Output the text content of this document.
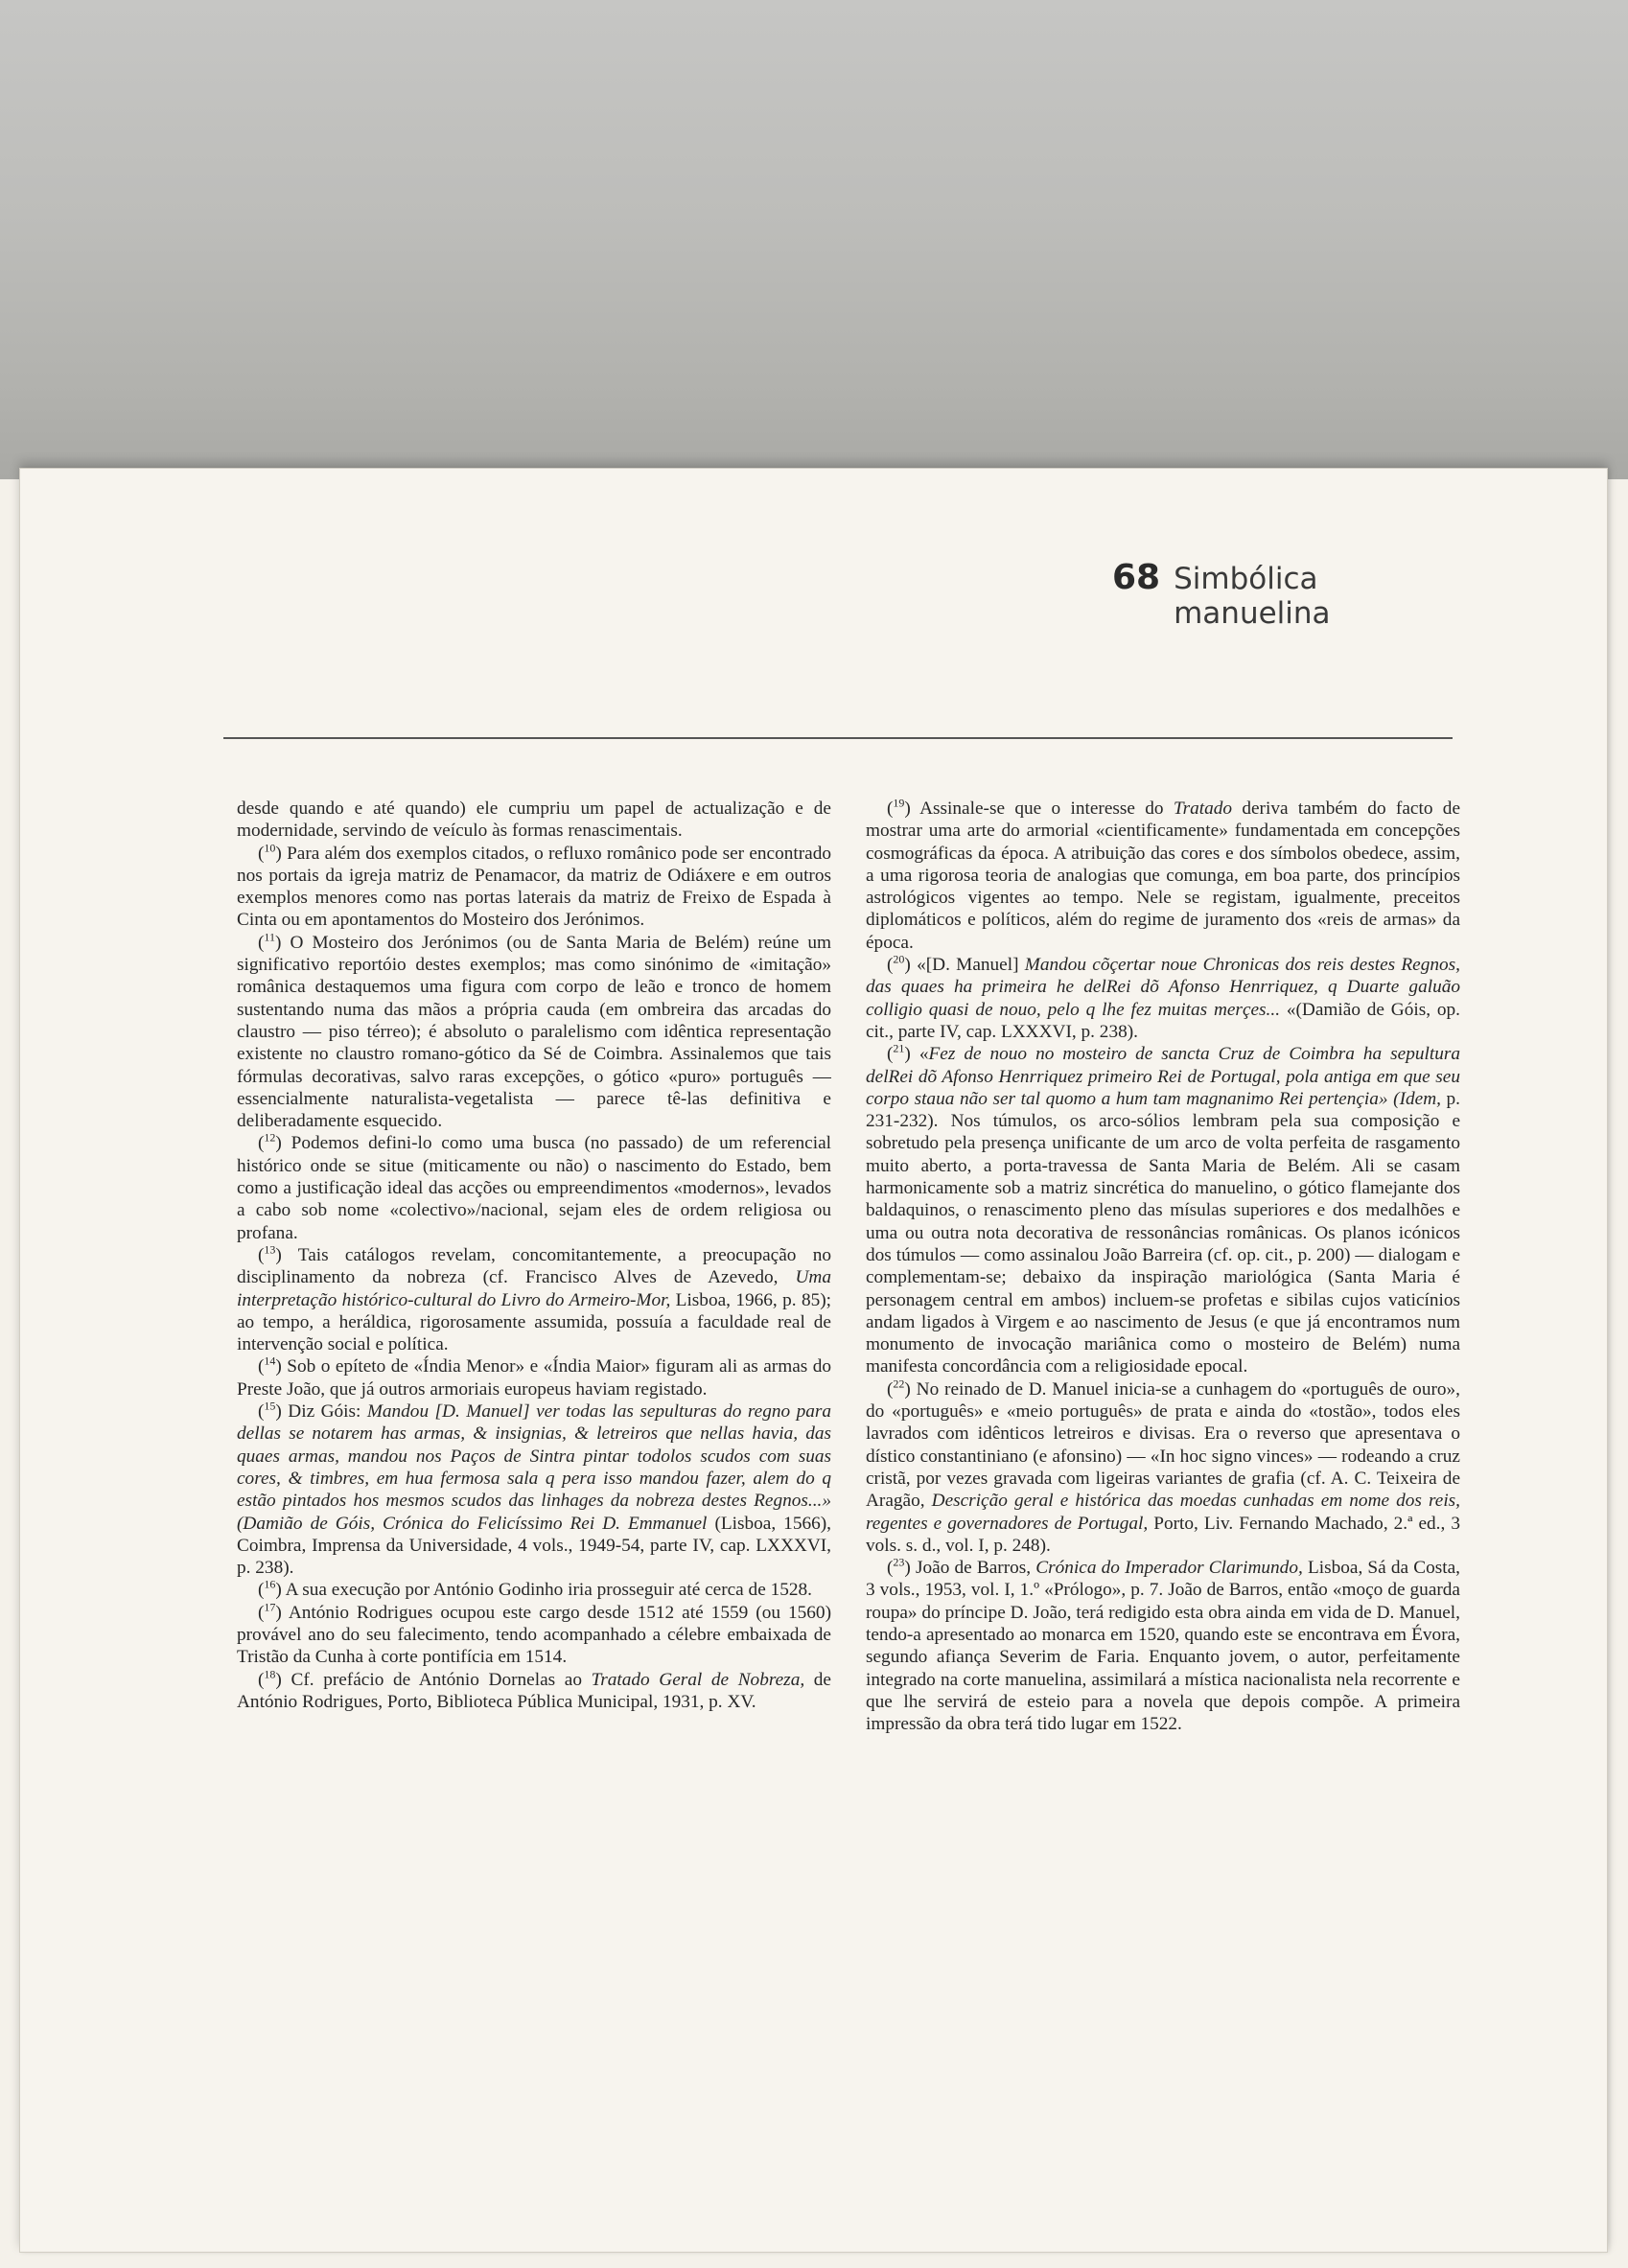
68 Simbólica manuelina

desde quando e até quando) ele cumpriu um papel de actualização e de modernidade, servindo de veículo às formas renascimentais.

($^{10}$) Para além dos exemplos citados, o refluxo românico pode ser encontrado nos portais da igreja matriz de Penamacor, da matriz de Odiáxere e em outros exemplos menores como nas portas laterais da matriz de Freixo de Espada à Cinta ou em apontamentos do Mosteiro dos Jerónimos.

($^{11}$) O Mosteiro dos Jerónimos (ou de Santa Maria de Belém) reúne um significativo reportóio destes exemplos; mas como sinónimo de «imitação» românica destaquemos uma figura com corpo de leão e tronco de homem sustentando numa das mãos a própria cauda (em ombreira das arcadas do claustro — piso térreo); é absoluto o paralelismo com idêntica representação existente no claustro romano-gótico da Sé de Coimbra. Assinalemos que tais fórmulas decorativas, salvo raras excepções, o gótico «puro» português — essencialmente naturalista-vegetalista — parece tê-las definitiva e deliberadamente esquecido.

($^{12}$) Podemos defini-lo como uma busca (no passado) de um referencial histórico onde se situe (miticamente ou não) o nascimento do Estado, bem como a justificação ideal das acções ou empreendimentos «modernos», levados a cabo sob nome «colectivo»/nacional, sejam eles de ordem religiosa ou profana.

($^{13}$) Tais catálogos revelam, concomitantemente, a preocupação no disciplinamento da nobreza (cf. Francisco Alves de Azevedo, Uma interpretação histórico-cultural do Livro do Armeiro-Mor, Lisboa, 1966, p. 85); ao tempo, a heráldica, rigorosamente assumida, possuía a faculdade real de intervenção social e política.

($^{14}$) Sob o epíteto de «Índia Menor» e «Índia Maior» figuram ali as armas do Preste João, que já outros armoriais europeus haviam registado.

($^{15}$) Diz Góis: Mandou [D. Manuel] ver todas las sepulturas do regno para dellas se notarem has armas, & insignias, & letreiros que nellas havia, das quaes armas, mandou nos Paços de Sintra pintar todolos scudos com suas cores, & timbres, em hua fermosa sala q pera isso mandou fazer, alem do q estão pintados hos mesmos scudos das linhages da nobreza destes Regnos...» (Damião de Góis, Crónica do Felicíssimo Rei D. Emmanuel (Lisboa, 1566), Coimbra, Imprensa da Universidade, 4 vols., 1949-54, parte IV, cap. LXXXVI, p. 238).

($^{16}$) A sua execução por António Godinho iria prosseguir até cerca de 1528.

($^{17}$) António Rodrigues ocupou este cargo desde 1512 até 1559 (ou 1560) provável ano do seu falecimento, tendo acompanhado a célebre embaixada de Tristão da Cunha à corte pontifícia em 1514.

($^{18}$) Cf. prefácio de António Dornelas ao Tratado Geral de Nobreza, de António Rodrigues, Porto, Biblioteca Pública Municipal, 1931, p. XV.

($^{19}$) Assinale-se que o interesse do Tratado deriva também do facto de mostrar uma arte do armorial «cientificamente» fundamentada em concepções cosmográficas da época. A atribuição das cores e dos símbolos obedece, assim, a uma rigorosa teoria de analogias que comunga, em boa parte, dos princípios astrológicos vigentes ao tempo. Nele se registam, igualmente, preceitos diplomáticos e políticos, além do regime de juramento dos «reis de armas» da época.

($^{20}$) «[D. Manuel] Mandou cõçertar noue Chronicas dos reis destes Regnos, das quaes ha primeira he delRei dõ Afonso Henrriquez, q Duarte galuão colligio quasi de nouo, pelo q lhe fez muitas merçes... «(Damião de Góis, op. cit., parte IV, cap. LXXXVI, p. 238).

($^{21}$) «Fez de nouo no mosteiro de sancta Cruz de Coimbra ha sepultura delRei dõ Afonso Henrriquez primeiro Rei de Portugal, pola antiga em que seu corpo staua não ser tal quomo a hum tam magnanimo Rei pertençia» (Idem, p. 231-232). Nos túmulos, os arco-sólios lembram pela sua composição e sobretudo pela presença unificante de um arco de volta perfeita de rasgamento muito aberto, a porta-travessa de Santa Maria de Belém. Ali se casam harmonicamente sob a matriz sincrética do manuelino, o gótico flamejante dos baldaquinos, o renascimento pleno das mísulas superiores e dos medalhões e uma ou outra nota decorativa de ressonâncias românicas. Os planos icónicos dos túmulos — como assinalou João Barreira (cf. op. cit., p. 200) — dialogam e complementam-se; debaixo da inspiração mariológica (Santa Maria é personagem central em ambos) incluem-se profetas e sibilas cujos vaticínios andam ligados à Virgem e ao nascimento de Jesus (e que já encontramos num monumento de invocação mariânica como o mosteiro de Belém) numa manifesta concordância com a religiosidade epocal.

($^{22}$) No reinado de D. Manuel inicia-se a cunhagem do «português de ouro», do «português» e «meio português» de prata e ainda do «tostão», todos eles lavrados com idênticos letreiros e divisas. Era o reverso que apresentava o dístico constantiniano (e afonsino) — «In hoc signo vinces» — rodeando a cruz cristã, por vezes gravada com ligeiras variantes de grafia (cf. A. C. Teixeira de Aragão, Descrição geral e histórica das moedas cunhadas em nome dos reis, regentes e governadores de Portugal, Porto, Liv. Fernando Machado, 2.ª ed., 3 vols. s. d., vol. I, p. 248).

($^{23}$) João de Barros, Crónica do Imperador Clarimundo, Lisboa, Sá da Costa, 3 vols., 1953, vol. I, 1.º «Prólogo», p. 7. João de Barros, então «moço de guarda roupa» do príncipe D. João, terá redigido esta obra ainda em vida de D. Manuel, tendo-a apresentado ao monarca em 1520, quando este se encontrava em Évora, segundo afiança Severim de Faria. Enquanto jovem, o autor, perfeitamente integrado na corte manuelina, assimilará a mística nacionalista nela recorrente e que lhe servirá de esteio para a novela que depois compõe. A primeira impressão da obra terá tido lugar em 1522.
